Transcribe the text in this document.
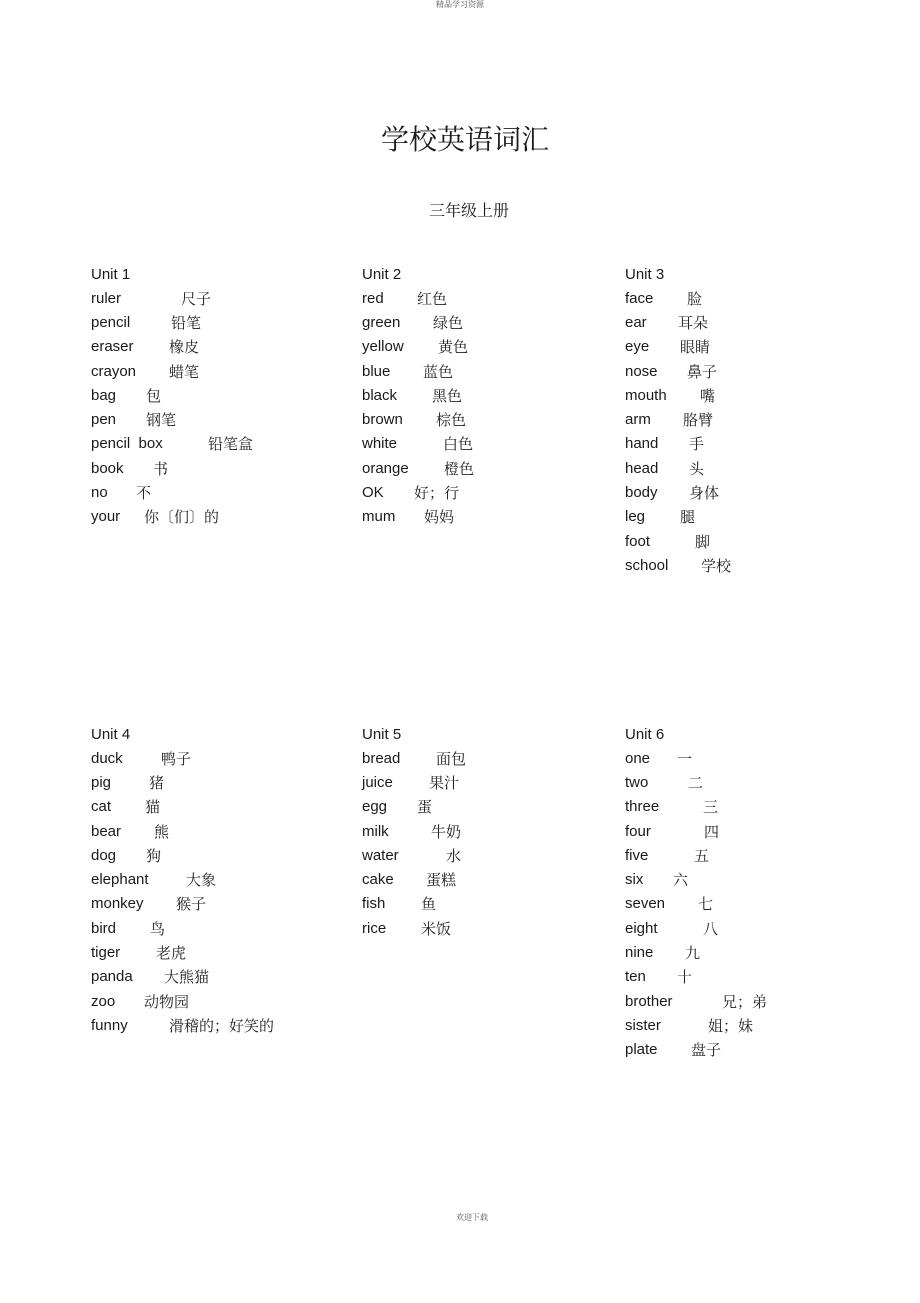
精品学习资源
学校英语词汇
三年级上册
Unit 1
ruler	尺子
pencil	铅笔
eraser	橡皮
crayon	蜡笔
bag	包
pen	钢笔
pencil  box	铅笔盒
book	书
no	不
your	你〔们〕的
Unit 2
red	红色
green	绿色
yellow	黄色
blue	蓝色
black	黑色
brown	棕色
white	白色
orange	橙色
OK	好；行
mum	妈妈
Unit 3
face	脸
ear	耳朵
eye	眼睛
nose	鼻子
mouth	嘴
arm	胳臂
hand	手
head	头
body	身体
leg	腿
foot	脚
school	学校
Unit 4
duck	鸭子
pig	猪
cat	猫
bear	熊
dog	狗
elephant	大象
monkey	猴子
bird	鸟
tiger	老虎
panda	大熊猫
zoo	动物园
funny	滑稽的；好笑的
Unit 5
bread	面包
juice	果汁
egg	蛋
milk	牛奶
water	水
cake	蛋糕
fish	鱼
rice	米饭
Unit 6
one	一
two	二
three	三
four	四
five	五
six	六
seven	七
eight	八
nine	九
ten	十
brother	兄；弟
sister	姐；妹
plate	盘子
欢迎下载
